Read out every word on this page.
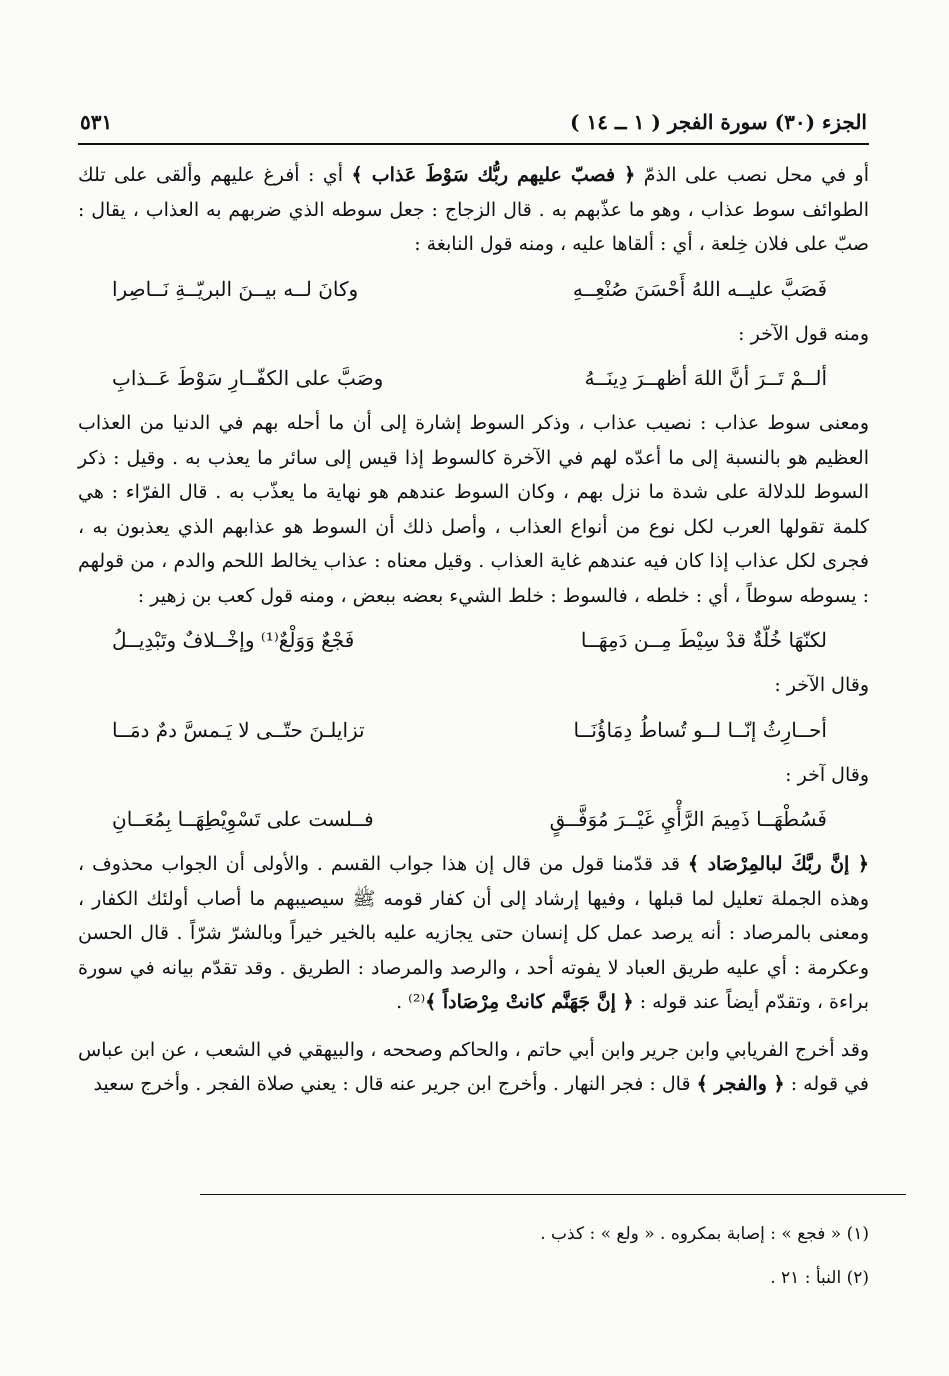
الجزء (٣٠) سورة الفجر ( ١ ــ ١٤ )
٥٣١

أو في محل نصب على الذمّ ﴿ فصبّ عليهم ربُّك سَوْطَ عَذاب ﴾ أي : أفرغ عليهم وألقى على تلك الطوائف سوط عذاب ، وهو ما عذّبهم به . قال الزجاج : جعل سوطه الذي ضربهم به العذاب ، يقال : صبّ على فلان خِلعة ، أي : ألقاها عليه ، ومنه قول النابغة :

فَصَبَّ عليــه اللهُ أَحْسَنَ صُنْعِــهِ
وكانَ لــه بيــنَ البريّــةِ نَــاصِرا

ومنه قول الآخر :

ألــمْ تَــرَ أنَّ اللهَ أظهــرَ دِينَــهُ
وصَبَّ على الكفّــارِ سَوْطَ عَــذابِ

ومعنى سوط عذاب : نصيب عذاب ، وذكر السوط إشارة إلى أن ما أحله بهم في الدنيا من العذاب العظيم هو بالنسبة إلى ما أعدّه لهم في الآخرة كالسوط إذا قيس إلى سائر ما يعذب به . وقيل : ذكر السوط للدلالة على شدة ما نزل بهم ، وكان السوط عندهم هو نهاية ما يعذّب به . قال الفرّاء : هي كلمة تقولها العرب لكل نوع من أنواع العذاب ، وأصل ذلك أن السوط هو عذابهم الذي يعذبون به ، فجرى لكل عذاب إذا كان فيه عندهم غاية العذاب . وقيل معناه : عذاب يخالط اللحم والدم ، من قولهم : يسوطه سوطاً ، أي : خلطه ، فالسوط : خلط الشيء بعضه ببعض ، ومنه قول كعب بن زهير :

لكنّهَا خُلّةٌ قدْ سِيْطَ مِــن دَمِهَــا
فَجْعٌ وَوَلْعٌ⁽¹⁾ وإخْــلافٌ وتَبْدِيــلُ

وقال الآخر :

أحــارِثُ إنّــا لــو تُساطُ دِمَاؤُنَــا
تزايلـنَ حتّــى لا يَـمسَّ دمٌ دمَــا

وقال آخر :

فَسُطْهَــا ذَمِيمَ الرَّأْيِ غَيْــرَ مُوَفَّــقٍ
فــلست على تَسْوِيْطِهَــا بِمُعَــانِ

﴿ إنَّ ربَّكَ لبالمِرْصَاد ﴾ قد قدّمنا قول من قال إن هذا جواب القسم . والأولى أن الجواب محذوف ، وهذه الجملة تعليل لما قبلها ، وفيها إرشاد إلى أن كفار قومه ﷺ سيصيبهم ما أصاب أولئك الكفار ، ومعنى بالمرصاد : أنه يرصد عمل كل إنسان حتى يجازيه عليه بالخير خيراً وبالشرّ شرّاً . قال الحسن وعكرمة : أي عليه طريق العباد لا يفوته أحد ، والرصد والمرصاد : الطريق . وقد تقدّم بيانه في سورة براءة ، وتقدّم أيضاً عند قوله : ﴿ إنَّ جَهَنَّم كانتْ مِرْصَاداً ﴾⁽²⁾ .

وقد أخرج الفريابي وابن جرير وابن أبي حاتم ، والحاكم وصححه ، والبيهقي في الشعب ، عن ابن عباس في قوله : ﴿ والفجر ﴾ قال : فجر النهار . وأخرج ابن جرير عنه قال : يعني صلاة الفجر . وأخرج سعيد

(١) « فجع » : إصابة بمكروه . « ولع » : كذب .

(٢) النبأ : ٢١ .
